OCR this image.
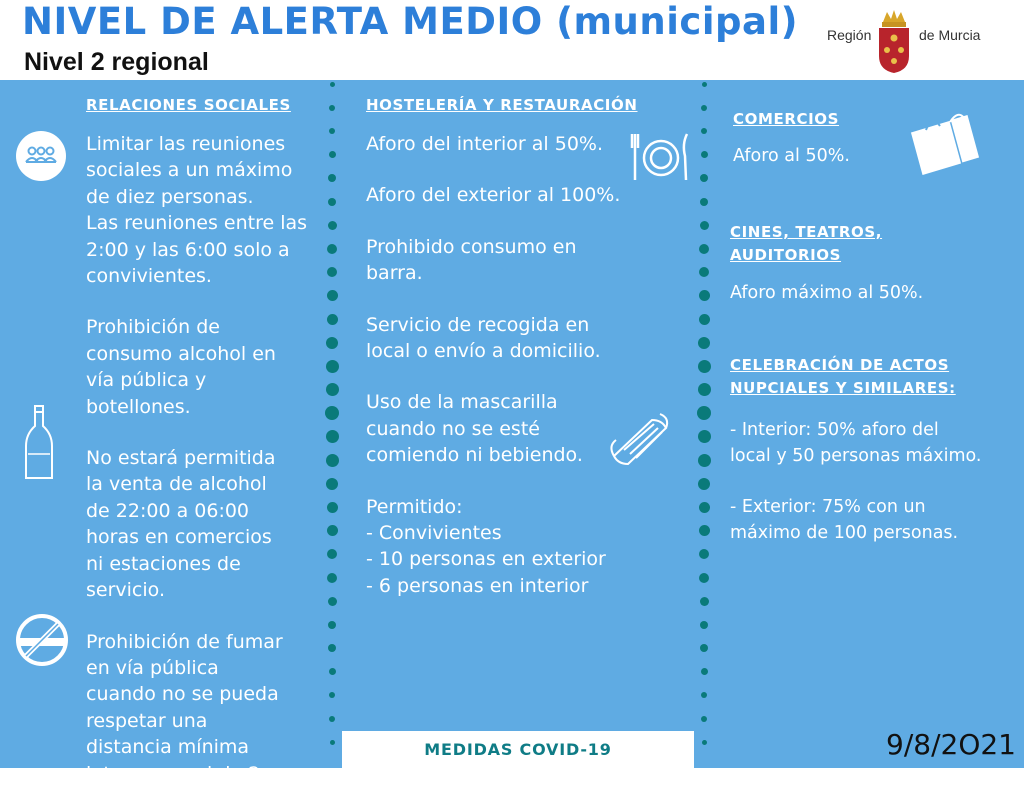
NIVEL DE ALERTA MEDIO (municipal)
Nivel 2 regional
Región	de Murcia
RELACIONES SOCIALES

Limitar las reuniones
sociales a un máximo
de diez personas.
Las reuniones entre las
2:00 y las 6:00 solo a
convivientes.

Prohibición de
consumo alcohol en
vía pública y
botellones.

No estará permitida
la venta de alcohol
de 22:00 a 06:00
horas en comercios
ni estaciones de
servicio.

Prohibición de fumar
en vía pública
cuando no se pueda
respetar una
distancia mínima
interpersonal de 2m.

HOSTELERÍA Y RESTAURACIÓN

Aforo del interior al 50%.

Aforo del exterior al 100%.

Prohibido consumo en
barra.

Servicio de recogida en
local o envío a domicilio.

Uso de la mascarilla
cuando no se esté
comiendo ni bebiendo.

Permitido:
- Convivientes
- 10 personas en exterior
- 6 personas en interior

COMERCIOS

Aforo al 50%.

CINES, TEATROS,
AUDITORIOS

Aforo máximo al 50%.

CELEBRACIÓN DE ACTOS
NUPCIALES Y SIMILARES:

- Interior: 50% aforo del
local y 50 personas máximo.

- Exterior: 75% con un
máximo de 100 personas.

MEDIDAS COVID-19	9/8/2O21
